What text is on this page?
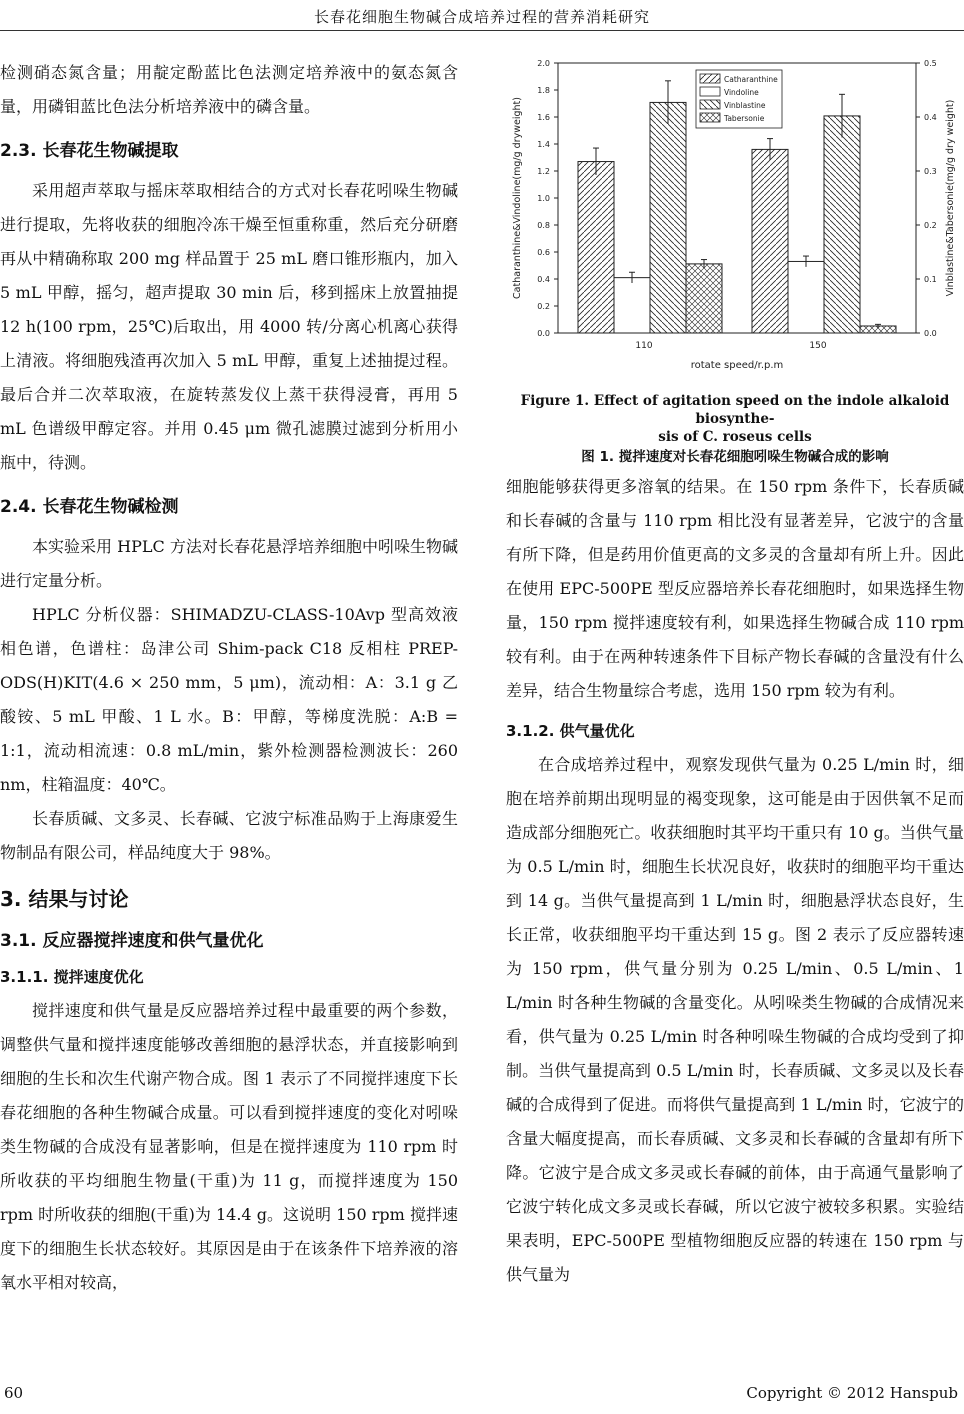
长春花细胞生物碱合成培养过程的营养消耗研究

检测硝态氮含量；用靛定酚蓝比色法测定培养液中的氨态氮含量，用磷钼蓝比色法分析培养液中的磷含量。

2.3. 长春花生物碱提取

采用超声萃取与摇床萃取相结合的方式对长春花吲哚生物碱进行提取，先将收获的细胞冷冻干燥至恒重称重，然后充分研磨再从中精确称取 200 mg 样品置于 25 mL 磨口锥形瓶内，加入 5 mL 甲醇，摇匀，超声提取 30 min 后，移到摇床上放置抽提 12 h(100 rpm，25℃)后取出，用 4000 转/分离心机离心获得上清液。将细胞残渣再次加入 5 mL 甲醇，重复上述抽提过程。最后合并二次萃取液，在旋转蒸发仪上蒸干获得浸膏，再用 5 mL 色谱级甲醇定容。并用 0.45 μm 微孔滤膜过滤到分析用小瓶中，待测。

2.4. 长春花生物碱检测

本实验采用 HPLC 方法对长春花悬浮培养细胞中吲哚生物碱进行定量分析。

HPLC 分析仪器：SHIMADZU-CLASS-10Avp 型高效液相色谱，色谱柱：岛津公司 Shim-pack C18 反相柱 PREP-ODS(H)KIT(4.6 × 250 mm，5 μm)，流动相：A：3.1 g 乙酸铵、5 mL 甲酸、1 L 水。B：甲醇，等梯度洗脱：A:B = 1:1，流动相流速：0.8 mL/min，紫外检测器检测波长：260 nm，柱箱温度：40℃。

长春质碱、文多灵、长春碱、它波宁标准品购于上海康爱生物制品有限公司，样品纯度大于 98%。

3. 结果与讨论
3.1. 反应器搅拌速度和供气量优化
3.1.1. 搅拌速度优化

搅拌速度和供气量是反应器培养过程中最重要的两个参数，调整供气量和搅拌速度能够改善细胞的悬浮状态，并直接影响到细胞的生长和次生代谢产物合成。图 1 表示了不同搅拌速度下长春花细胞的各种生物碱合成量。可以看到搅拌速度的变化对吲哚类生物碱的合成没有显著影响，但是在搅拌速度为 110 rpm 时所收获的平均细胞生物量(干重)为 11 g，而搅拌速度为 150 rpm 时所收获的细胞(干重)为 14.4 g。这说明 150 rpm 搅拌速度下的细胞生长状态较好。其原因是由于在该条件下培养液的溶氧水平相对较高，

0.0
0.2
0.4
0.6
0.8
1.0
1.2
1.4
1.6
1.8
2.0
0.0
0.1
0.2
0.3
0.4
0.5
Catharanthine&Vindoline(mg/g dryweight)	Vinblastine&Tabersonie(mg/g dry weight)
rotate speed/r.p.m
110	150
Catharanthine
Vindoline
Vinblastine
Tabersonie
Figure 1. Effect of agitation speed on the indole alkaloid biosynthe-
sis of C. roseus cells
图 1. 搅拌速度对长春花细胞吲哚生物碱合成的影响

细胞能够获得更多溶氧的结果。在 150 rpm 条件下，长春质碱和长春碱的含量与 110 rpm 相比没有显著差异，它波宁的含量有所下降，但是药用价值更高的文多灵的含量却有所上升。因此在使用 EPC-500PE 型反应器培养长春花细胞时，如果选择生物量，150 rpm 搅拌速度较有利，如果选择生物碱合成 110 rpm 较有利。由于在两种转速条件下目标产物长春碱的含量没有什么差异，结合生物量综合考虑，选用 150 rpm 较为有利。

3.1.2. 供气量优化

在合成培养过程中，观察发现供气量为 0.25 L/min 时，细胞在培养前期出现明显的褐变现象，这可能是由于因供氧不足而造成部分细胞死亡。收获细胞时其平均干重只有 10 g。当供气量为 0.5 L/min 时，细胞生长状况良好，收获时的细胞平均干重达到 14 g。当供气量提高到 1 L/min 时，细胞悬浮状态良好，生长正常，收获细胞平均干重达到 15 g。图 2 表示了反应器转速为 150 rpm，供气量分别为 0.25 L/min、0.5 L/min、1 L/min 时各种生物碱的含量变化。从吲哚类生物碱的合成情况来看，供气量为 0.25 L/min 时各种吲哚生物碱的合成均受到了抑制。当供气量提高到 0.5 L/min 时，长春质碱、文多灵以及长春碱的合成得到了促进。而将供气量提高到 1 L/min 时，它波宁的含量大幅度提高，而长春质碱、文多灵和长春碱的含量却有所下降。它波宁是合成文多灵或长春碱的前体，由于高通气量影响了它波宁转化成文多灵或长春碱，所以它波宁被较多积累。实验结果表明，EPC-500PE 型植物细胞反应器的转速在 150 rpm 与供气量为

60	Copyright © 2012 Hanspub
